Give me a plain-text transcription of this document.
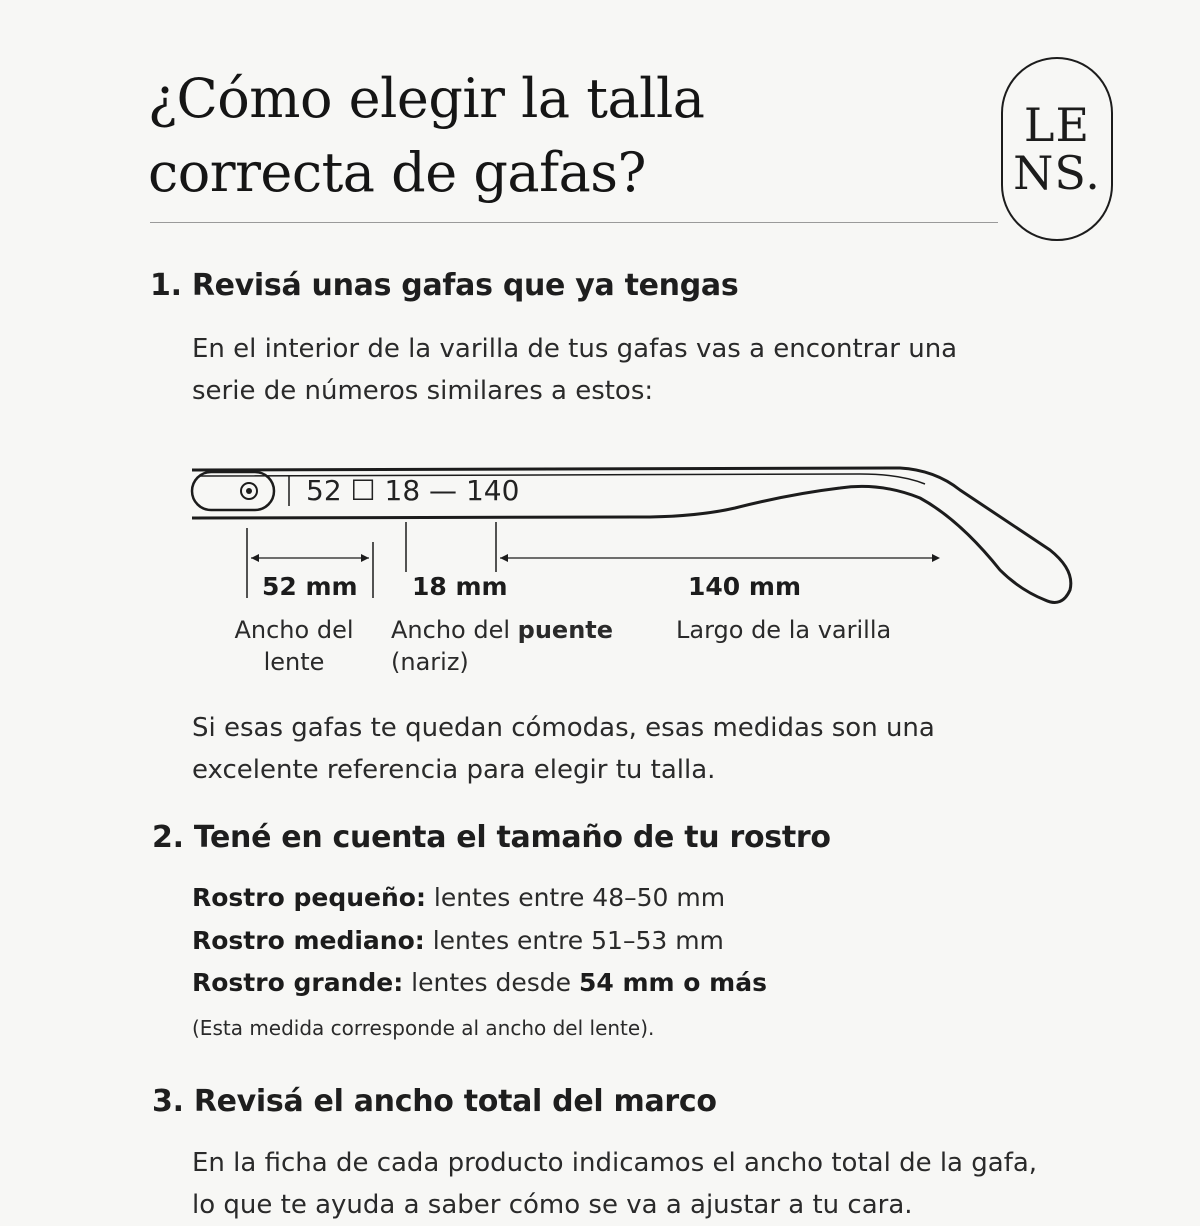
¿Cómo elegir la talla
correcta de gafas?
LE
NS.
1. Revisá unas gafas que ya tengas

En el interior de la varilla de tus gafas vas a encontrar una
serie de números similares a estos:

52 ☐ 18 — 140
52 mm 18 mm	140 mm
Ancho del
lente
Ancho del puente
(nariz)
Largo de la varilla

Si esas gafas te quedan cómodas, esas medidas son una
excelente referencia para elegir tu talla.

2. Tené en cuenta el tamaño de tu rostro

Rostro pequeño: lentes entre 48–50 mm

Rostro mediano: lentes entre 51–53 mm

Rostro grande: lentes desde 54 mm o más

(Esta medida corresponde al ancho del lente).

3. Revisá el ancho total del marco

En la ficha de cada producto indicamos el ancho total de la gafa,
lo que te ayuda a saber cómo se va a ajustar a tu cara.
